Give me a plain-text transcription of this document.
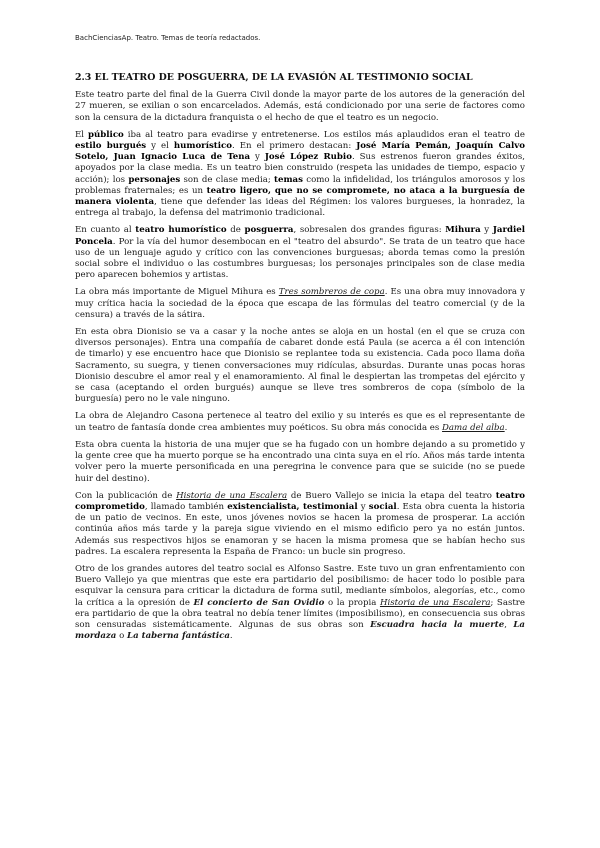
BachCienciasAp. Teatro. Temas de teoría redactados.
2.3 EL TEATRO DE POSGUERRA, DE LA EVASIÓN AL TESTIMONIO SOCIAL

Este teatro parte del final de la Guerra Civil donde la mayor parte de los autores de la generación del 27 mueren, se exilian o son encarcelados. Además, está condicionado por una serie de factores como son la censura de la dictadura franquista o el hecho de que el teatro es un negocio.

El público iba al teatro para evadirse y entretenerse. Los estilos más aplaudidos eran el teatro de estilo burgués y el humorístico. En el primero destacan: José María Pemán, Joaquín Calvo Sotelo, Juan Ignacio Luca de Tena y José López Rubio. Sus estrenos fueron grandes éxitos, apoyados por la clase media. Es un teatro bien construido (respeta las unidades de tiempo, espacio y acción); los personajes son de clase media; temas como la infidelidad, los triángulos amorosos y los problemas fraternales; es un teatro ligero, que no se compromete, no ataca a la burguesía de manera violenta, tiene que defender las ideas del Régimen: los valores burgueses, la honradez, la entrega al trabajo, la defensa del matrimonio tradicional.

En cuanto al teatro humorístico de posguerra, sobresalen dos grandes figuras: Mihura y Jardiel Poncela. Por la vía del humor desembocan en el "teatro del absurdo". Se trata de un teatro que hace uso de un lenguaje agudo y crítico con las convenciones burguesas; aborda temas como la presión social sobre el individuo o las costumbres burguesas; los personajes principales son de clase media pero aparecen bohemios y artistas.

La obra más importante de Miguel Mihura es Tres sombreros de copa. Es una obra muy innovadora y muy crítica hacia la sociedad de la época que escapa de las fórmulas del teatro comercial (y de la censura) a través de la sátira.

En esta obra Dionisio se va a casar y la noche antes se aloja en un hostal (en el que se cruza con diversos personajes). Entra una compañía de cabaret donde está Paula (se acerca a él con intención de timarlo) y ese encuentro hace que Dionisio se replantee toda su existencia. Cada poco llama doña Sacramento, su suegra, y tienen conversaciones muy ridículas, absurdas. Durante unas pocas horas Dionisio descubre el amor real y el enamoramiento. Al final le despiertan las trompetas del ejército y se casa (aceptando el orden burgués) aunque se lleve tres sombreros de copa (símbolo de la burguesía) pero no le vale ninguno.

La obra de Alejandro Casona pertenece al teatro del exilio y su interés es que es el representante de un teatro de fantasía donde crea ambientes muy poéticos. Su obra más conocida es Dama del alba.

Esta obra cuenta la historia de una mujer que se ha fugado con un hombre dejando a su prometido y la gente cree que ha muerto porque se ha encontrado una cinta suya en el río. Años más tarde intenta volver pero la muerte personificada en una peregrina le convence para que se suicide (no se puede huir del destino).

Con la publicación de Historia de una Escalera de Buero Vallejo se inicia la etapa del teatro teatro comprometido, llamado también existencialista, testimonial y social. Esta obra cuenta la historia de un patio de vecinos. En este, unos jóvenes novios se hacen la promesa de prosperar. La acción continúa años más tarde y la pareja sigue viviendo en el mismo edificio pero ya no están juntos. Además sus respectivos hijos se enamoran y se hacen la misma promesa que se habían hecho sus padres. La escalera representa la España de Franco: un bucle sin progreso.

Otro de los grandes autores del teatro social es Alfonso Sastre. Este tuvo un gran enfrentamiento con Buero Vallejo ya que mientras que este era partidario del posibilismo: de hacer todo lo posible para esquivar la censura para criticar la dictadura de forma sutil, mediante símbolos, alegorías, etc., como la crítica a la opresión de El concierto de San Ovidio o la propia Historia de una Escalera; Sastre era partidario de que la obra teatral no debía tener límites (imposibilismo), en consecuencia sus obras son censuradas sistemáticamente. Algunas de sus obras son Escuadra hacia la muerte, La mordaza o La taberna fantástica.
